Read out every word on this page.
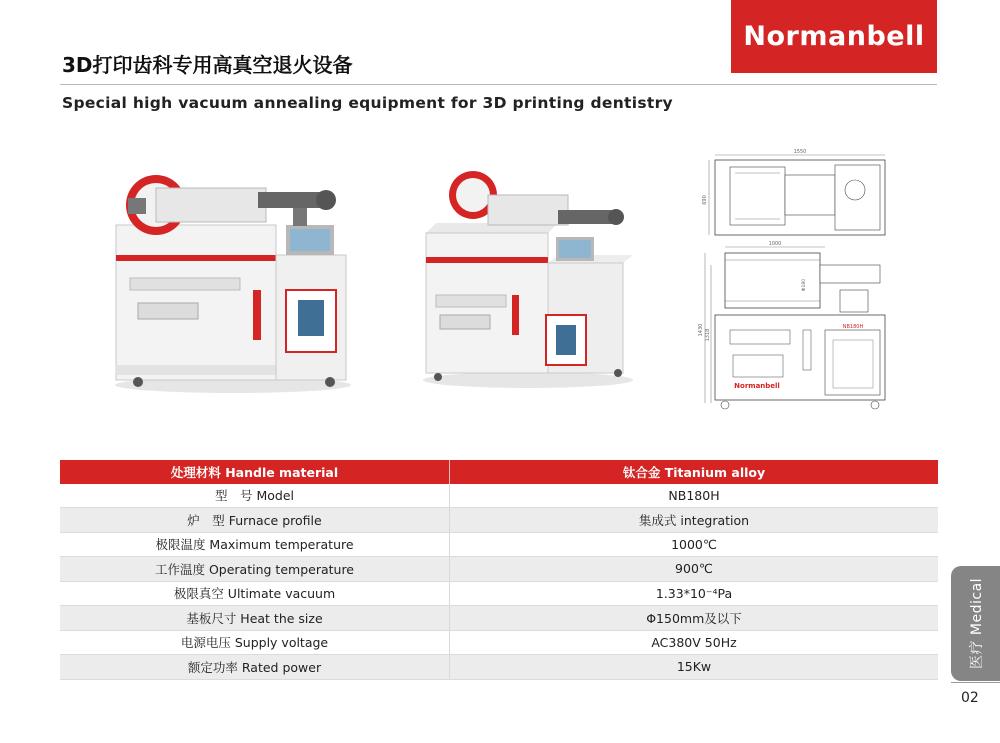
Normanbell
3D打印齿科专用高真空退火设备
Special high vacuum annealing equipment for 3D printing dentistry
1550
690
1000
Φ180
Normanbell
NB180H
1430 1318
处理材料 Handle material	钛合金 Titanium alloy
型　号 Model	NB180H
炉　型 Furnace profile	集成式 integration
极限温度 Maximum temperature	1000℃
工作温度 Operating temperature	900℃
极限真空 Ultimate vacuum	1.33*10⁻⁴Pa
基板尺寸 Heat the size	Φ150mm及以下
电源电压 Supply voltage	AC380V 50Hz
额定功率 Rated power	15Kw	医疗 Medical
02
